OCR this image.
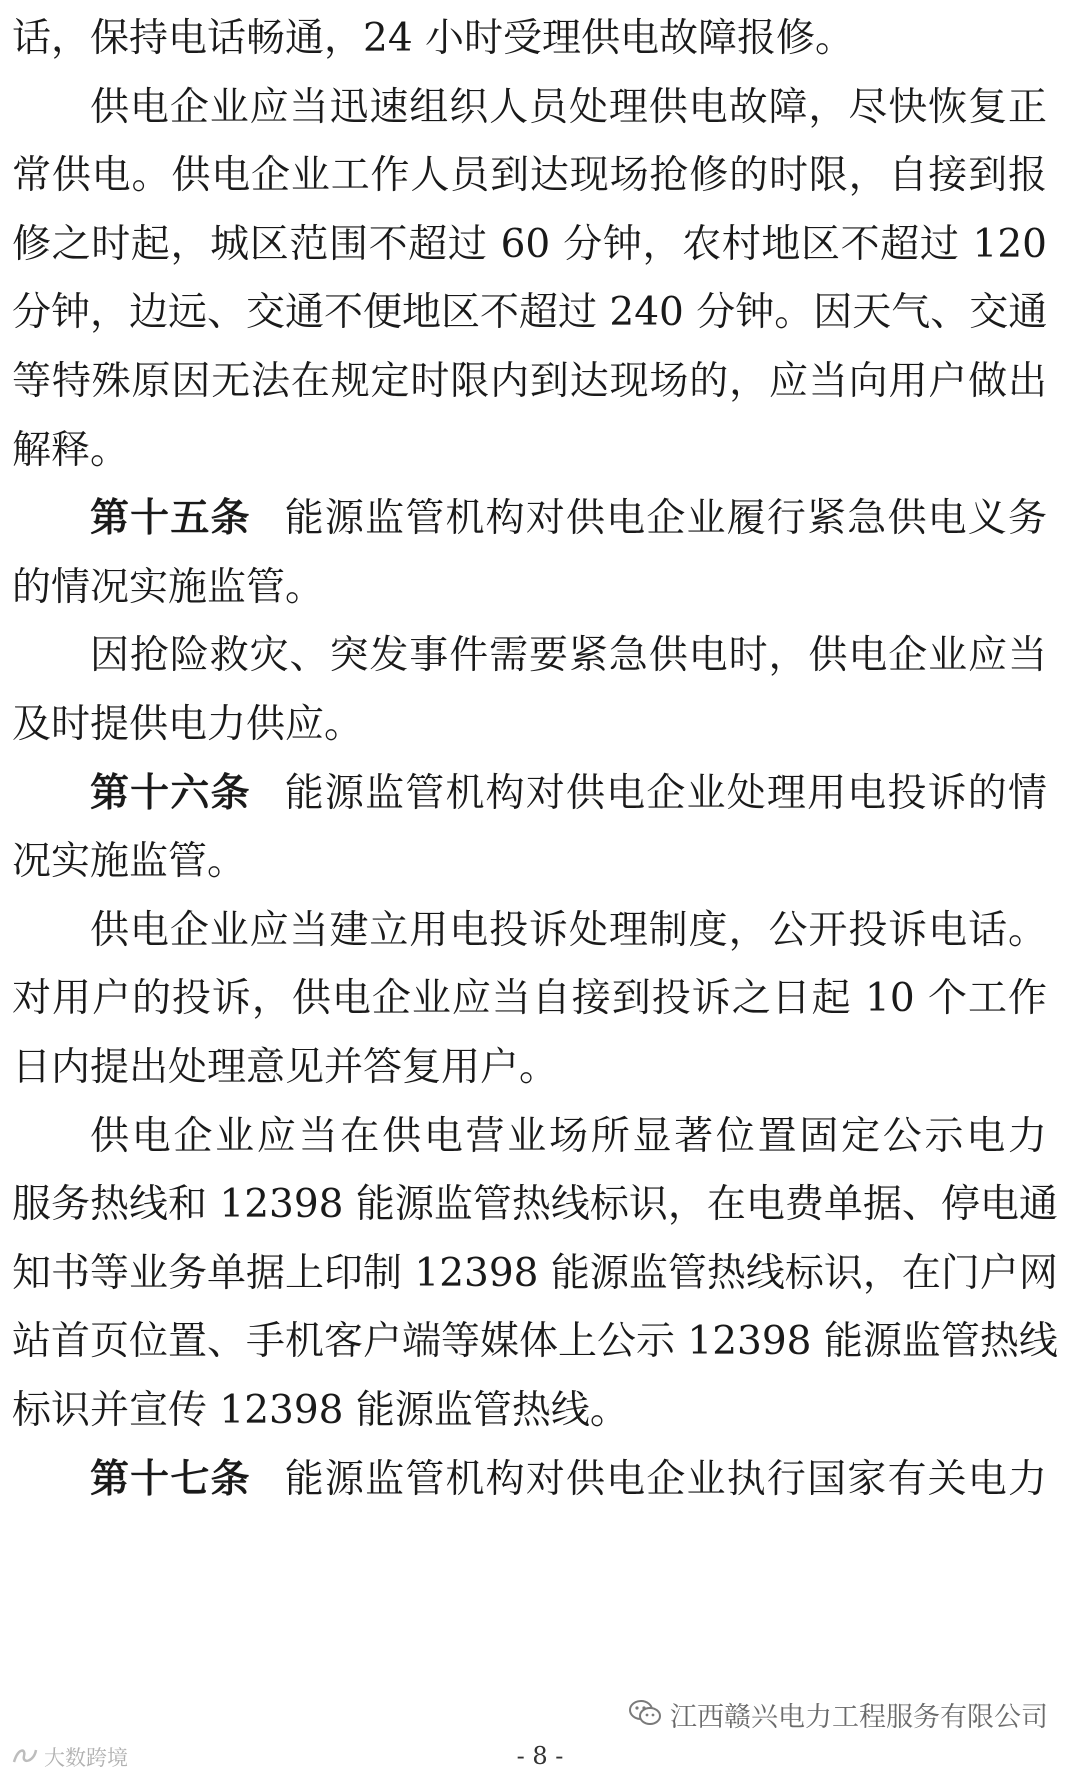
话，保持电话畅通，24 小时受理供电故障报修。
供电企业应当迅速组织人员处理供电故障，尽快恢复正
常供电。供电企业工作人员到达现场抢修的时限，自接到报
修之时起，城区范围不超过 60 分钟，农村地区不超过 120
分钟，边远、交通不便地区不超过 240 分钟。因天气、交通
等特殊原因无法在规定时限内到达现场的，应当向用户做出
解释。
第十五条 能源监管机构对供电企业履行紧急供电义务
的情况实施监管。
因抢险救灾、突发事件需要紧急供电时，供电企业应当
及时提供电力供应。
第十六条 能源监管机构对供电企业处理用电投诉的情
况实施监管。
供电企业应当建立用电投诉处理制度，公开投诉电话。
对用户的投诉，供电企业应当自接到投诉之日起 10 个工作
日内提出处理意见并答复用户。
供电企业应当在供电营业场所显著位置固定公示电力
服务热线和 12398 能源监管热线标识，在电费单据、停电通
知书等业务单据上印制 12398 能源监管热线标识，在门户网
站首页位置、手机客户端等媒体上公示 12398 能源监管热线
标识并宣传 12398 能源监管热线。
第十七条 能源监管机构对供电企业执行国家有关电力
江西赣兴电力工程服务有限公司
大数跨境	- 8 -
